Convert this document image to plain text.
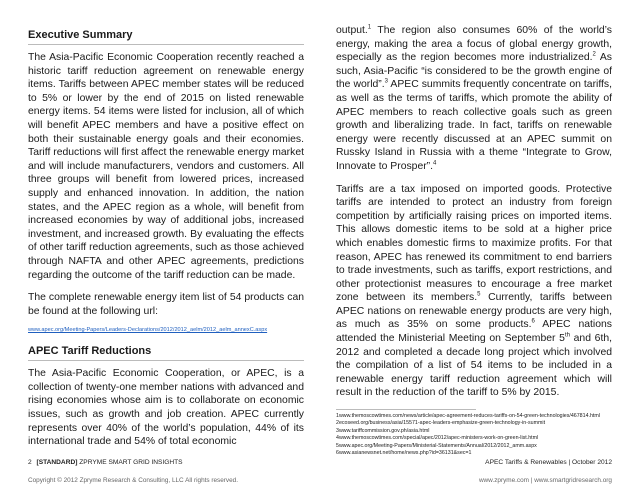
Executive Summary

The Asia-Pacific Economic Cooperation recently reached a historic tariff reduction agreement on renewable energy items. Tariffs between APEC member states will be reduced to 5% or lower by the end of 2015 on listed renewable energy items. 54 items were listed for inclusion, all of which will benefit APEC members and have a positive effect on both their sustainable energy goals and their economies. Tariff reductions will first affect the renewable energy market and will include manufacturers, vendors and customers. All three groups will benefit from lowered prices, increased supply and enhanced innovation. In addition, the nation states, and the APEC region as a whole, will benefit from increased economies by way of additional jobs, increased investment, and increased growth. By evaluating the effects of other tariff reduction agreements, such as those achieved through NAFTA and other APEC agreements, predictions regarding the outcome of the tariff reduction can be made.

The complete renewable energy item list of 54 products can be found at the following url:

www.apec.org/Meeting-Papers/Leaders-Declarations/2012/2012_aelm/2012_aelm_annexC.aspx
APEC Tariff Reductions

The Asia-Pacific Economic Cooperation, or APEC, is a collection of twenty-one member nations with advanced and rising economies whose aim is to collaborate on economic issues, such as growth and job creation. APEC currently represents over 40% of the world’s population, 44% of its international trade and 54% of total economic

output.$^1$ The region also consumes 60% of the world’s energy, making the area a focus of global energy growth, especially as the region becomes more industrialized.$^2$ As such, Asia-Pacific “is considered to be the growth engine of the world”.$^3$ APEC summits frequently concentrate on tariffs, as well as the terms of tariffs, which promote the ability of APEC members to reach collective goals such as green growth and liberalizing trade. In fact, tariffs on renewable energy were recently discussed at an APEC summit on Russky Island in Russia with a theme “Integrate to Grow, Innovate to Prosper”.$^4$

Tariffs are a tax imposed on imported goods. Protective tariffs are intended to protect an industry from foreign competition by artificially raising prices on imported items. This allows domestic items to be sold at a higher price which enables domestic firms to maximize profits. For that reason, APEC has renewed its commitment to end barriers to trade investments, such as tariffs, export restrictions, and other protectionist measures to encourage a free market zone between its members.$^5$ Currently, tariffs between APEC nations on renewable energy products are very high, as much as 35% on some products.$^6$ APEC nations attended the Ministerial Meeting on September 5th and 6th, 2012 and completed a decade long project which involved the compilation of a list of 54 items to be included in a renewable energy tariff reduction agreement which will result in the reduction of the tariff to 5% by 2015.

1www.themoscowtimes.com/news/article/apec-agreement-reduces-tariffs-on-54-green-technologies/467814.html
2ecoseed.org/business/asia/15571-apec-leaders-emphasize-green-technology-in-summit
3www.tariffcommission.gov.ph/asia.html
4www.themoscowtimes.com/special/apec/2012/apec-ministers-work-on-green-list.html
5www.apec.org/Meeting-Papers/Ministerial-Statements/Annual/2012/2012_amm.aspx
6www.asianewsnet.net/home/news.php?id=36131&sec=1
2 [STANDARD] ZPRYME SMART GRID INSIGHTS	APEC Tariffs & Renewables | October 2012
Copyright © 2012 Zpryme Research & Consulting, LLC All rights reserved.	www.zpryme.com | www.smartgridresearch.org
